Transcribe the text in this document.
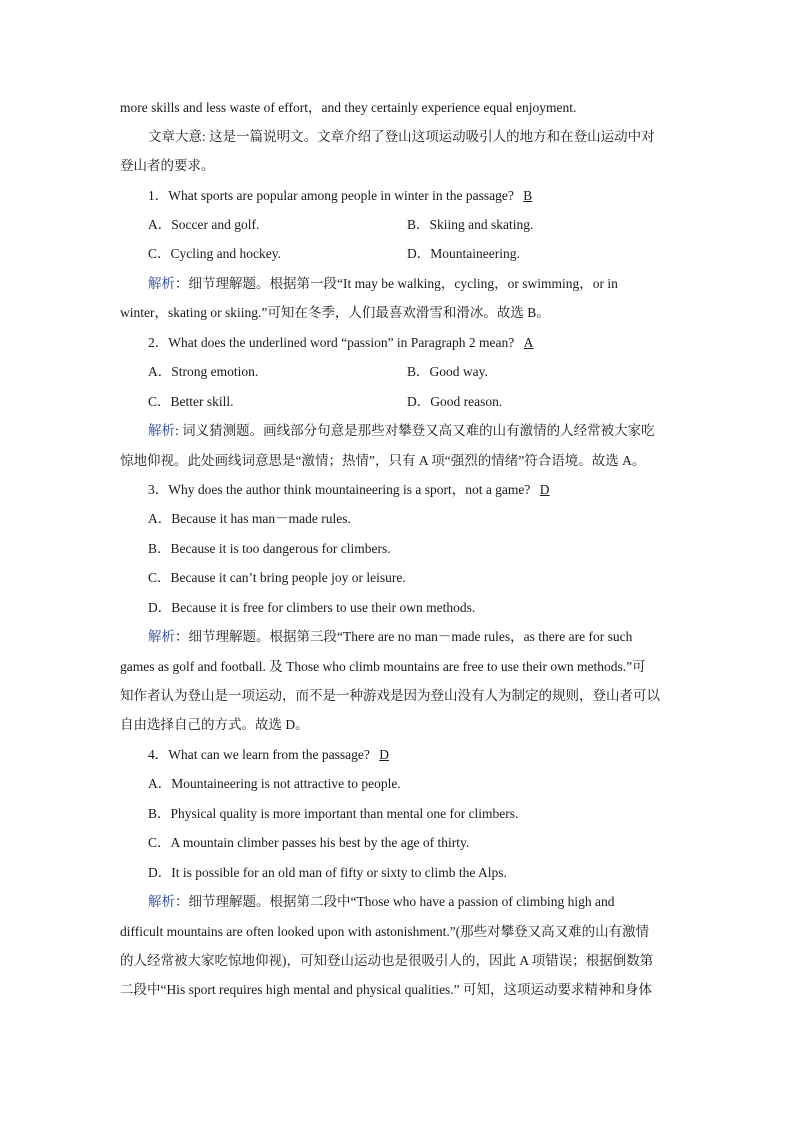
more skills and less waste of effort，and they certainly experience equal enjoyment.
文章大意: 这是一篇说明文。文章介绍了登山这项运动吸引人的地方和在登山运动中对
登山者的要求。
1．What sports are popular among people in winter in the passage? B
A．Soccer and golf.	B．Skiing and skating.
C．Cycling and hockey.	D．Mountaineering.
解析：细节理解题。根据第一段“It may be walking，cycling，or swimming，or in
winter，skating or skiing.”可知在冬季，人们最喜欢滑雪和滑冰。故选 B。
2．What does the underlined word “passion” in Paragraph 2 mean? A
A．Strong emotion.	B．Good way.
C．Better skill.	D．Good reason.
解析: 词义猜测题。画线部分句意是那些对攀登又高又难的山有激情的人经常被大家吃
惊地仰视。此处画线词意思是“激情；热情”，只有 A 项“强烈的情绪”符合语境。故选 A。
3．Why does the author think mountaineering is a sport，not a game? D
A．Because it has man－made rules.
B．Because it is too dangerous for climbers.
C．Because it can’t bring people joy or leisure.
D．Because it is free for climbers to use their own methods.
解析：细节理解题。根据第三段“There are no man－made rules，as there are for such
games as golf and football. 及 Those who climb mountains are free to use their own methods.”可
知作者认为登山是一项运动，而不是一种游戏是因为登山没有人为制定的规则，登山者可以
自由选择自己的方式。故选 D。
4．What can we learn from the passage? D
A．Mountaineering is not attractive to people.
B．Physical quality is more important than mental one for climbers.
C．A mountain climber passes his best by the age of thirty.
D．It is possible for an old man of fifty or sixty to climb the Alps.
解析：细节理解题。根据第二段中“Those who have a passion of climbing high and
difficult mountains are often looked upon with astonishment.”(那些对攀登又高又难的山有激情
的人经常被大家吃惊地仰视)，可知登山运动也是很吸引人的，因此 A 项错误；根据倒数第
二段中“His sport requires high mental and physical qualities.” 可知，这项运动要求精神和身体
